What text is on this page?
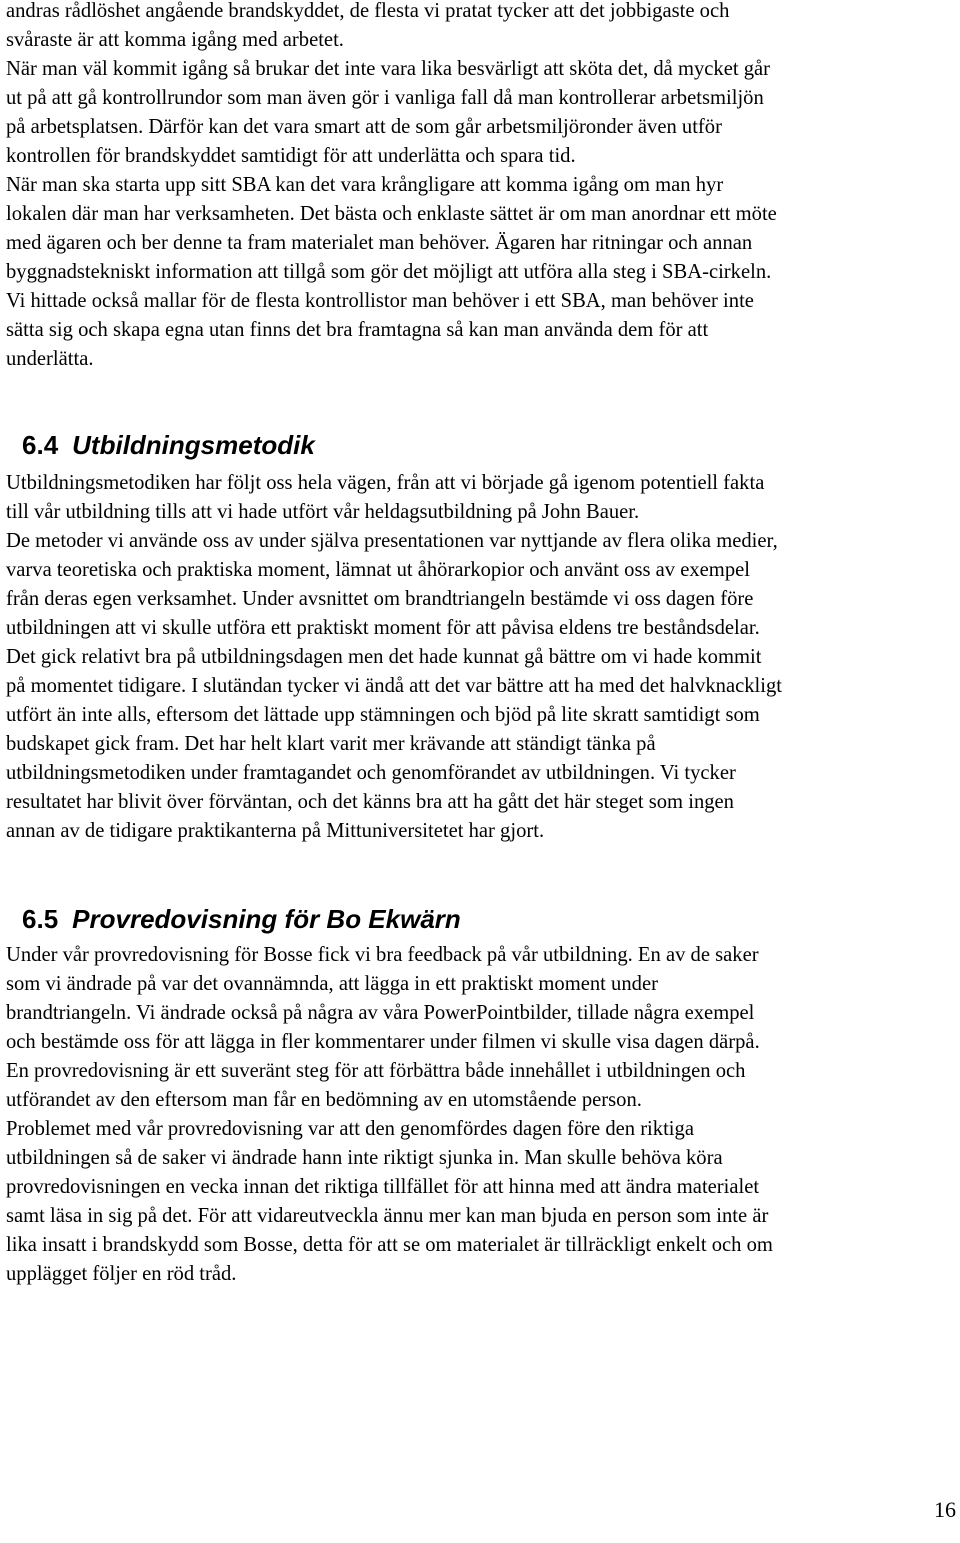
andras rådlöshet angående brandskyddet, de flesta vi pratat tycker att det jobbigaste och
svåraste är att komma igång med arbetet.
När man väl kommit igång så brukar det inte vara lika besvärligt att sköta det, då mycket går
ut på att gå kontrollrundor som man även gör i vanliga fall då man kontrollerar arbetsmiljön
på arbetsplatsen. Därför kan det vara smart att de som går arbetsmiljöronder även utför
kontrollen för brandskyddet samtidigt för att underlätta och spara tid.
När man ska starta upp sitt SBA kan det vara krångligare att komma igång om man hyr
lokalen där man har verksamheten. Det bästa och enklaste sättet är om man anordnar ett möte
med ägaren och ber denne ta fram materialet man behöver. Ägaren har ritningar och annan
byggnadstekniskt information att tillgå som gör det möjligt att utföra alla steg i SBA-cirkeln.
Vi hittade också mallar för de flesta kontrollistor man behöver i ett SBA, man behöver inte
sätta sig och skapa egna utan finns det bra framtagna så kan man använda dem för att
underlätta.
6.4 Utbildningsmetodik
Utbildningsmetodiken har följt oss hela vägen, från att vi började gå igenom potentiell fakta
till vår utbildning tills att vi hade utfört vår heldagsutbildning på John Bauer.
De metoder vi använde oss av under själva presentationen var nyttjande av flera olika medier,
varva teoretiska och praktiska moment, lämnat ut åhörarkopior och använt oss av exempel
från deras egen verksamhet. Under avsnittet om brandtriangeln bestämde vi oss dagen före
utbildningen att vi skulle utföra ett praktiskt moment för att påvisa eldens tre beståndsdelar.
Det gick relativt bra på utbildningsdagen men det hade kunnat gå bättre om vi hade kommit
på momentet tidigare. I slutändan tycker vi ändå att det var bättre att ha med det halvknackligt
utfört än inte alls, eftersom det lättade upp stämningen och bjöd på lite skratt samtidigt som
budskapet gick fram. Det har helt klart varit mer krävande att ständigt tänka på
utbildningsmetodiken under framtagandet och genomförandet av utbildningen. Vi tycker
resultatet har blivit över förväntan, och det känns bra att ha gått det här steget som ingen
annan av de tidigare praktikanterna på Mittuniversitetet har gjort.
6.5 Provredovisning för Bo Ekwärn
Under vår provredovisning för Bosse fick vi bra feedback på vår utbildning. En av de saker
som vi ändrade på var det ovannämnda, att lägga in ett praktiskt moment under
brandtriangeln. Vi ändrade också på några av våra PowerPointbilder, tillade några exempel
och bestämde oss för att lägga in fler kommentarer under filmen vi skulle visa dagen därpå.
En provredovisning är ett suveränt steg för att förbättra både innehållet i utbildningen och
utförandet av den eftersom man får en bedömning av en utomstående person.
Problemet med vår provredovisning var att den genomfördes dagen före den riktiga
utbildningen så de saker vi ändrade hann inte riktigt sjunka in. Man skulle behöva köra
provredovisningen en vecka innan det riktiga tillfället för att hinna med att ändra materialet
samt läsa in sig på det. För att vidareutveckla ännu mer kan man bjuda en person som inte är
lika insatt i brandskydd som Bosse, detta för att se om materialet är tillräckligt enkelt och om
upplägget följer en röd tråd.
16
